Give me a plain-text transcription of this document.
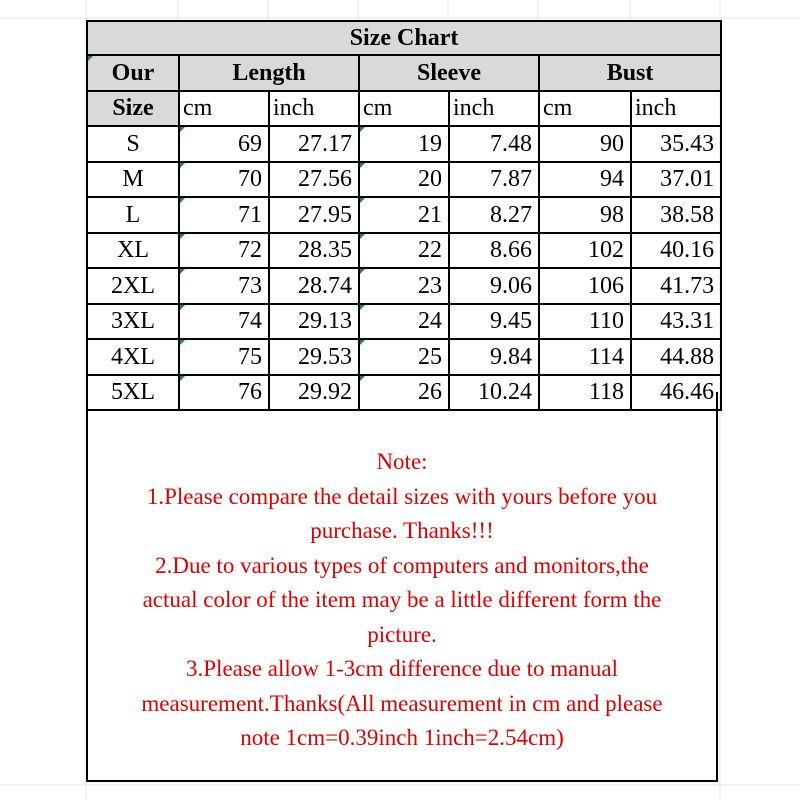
Size Chart						
Our	Length		Sleeve		Bust	
Size	cm	inch	cm	inch	cm	inch
S	69	27.17	19	7.48	90	35.43
M	70	27.56	20	7.87	94	37.01
L	71	27.95	21	8.27	98	38.58
XL	72	28.35	22	8.66	102	40.16
2XL	73	28.74	23	9.06	106	41.73
3XL	74	29.13	24	9.45	110	43.31
4XL	75	29.53	25	9.84	114	44.88
5XL	76	29.92	26	10.24	118	46.46

Note:

1.Please compare the detail sizes with yours before you

purchase. Thanks!!!

2.Due to various types of computers and monitors,the

actual color of the item may be a little different form the

picture.

3.Please allow 1-3cm difference due to manual

measurement.Thanks(All measurement in cm and please

note 1cm=0.39inch 1inch=2.54cm)
